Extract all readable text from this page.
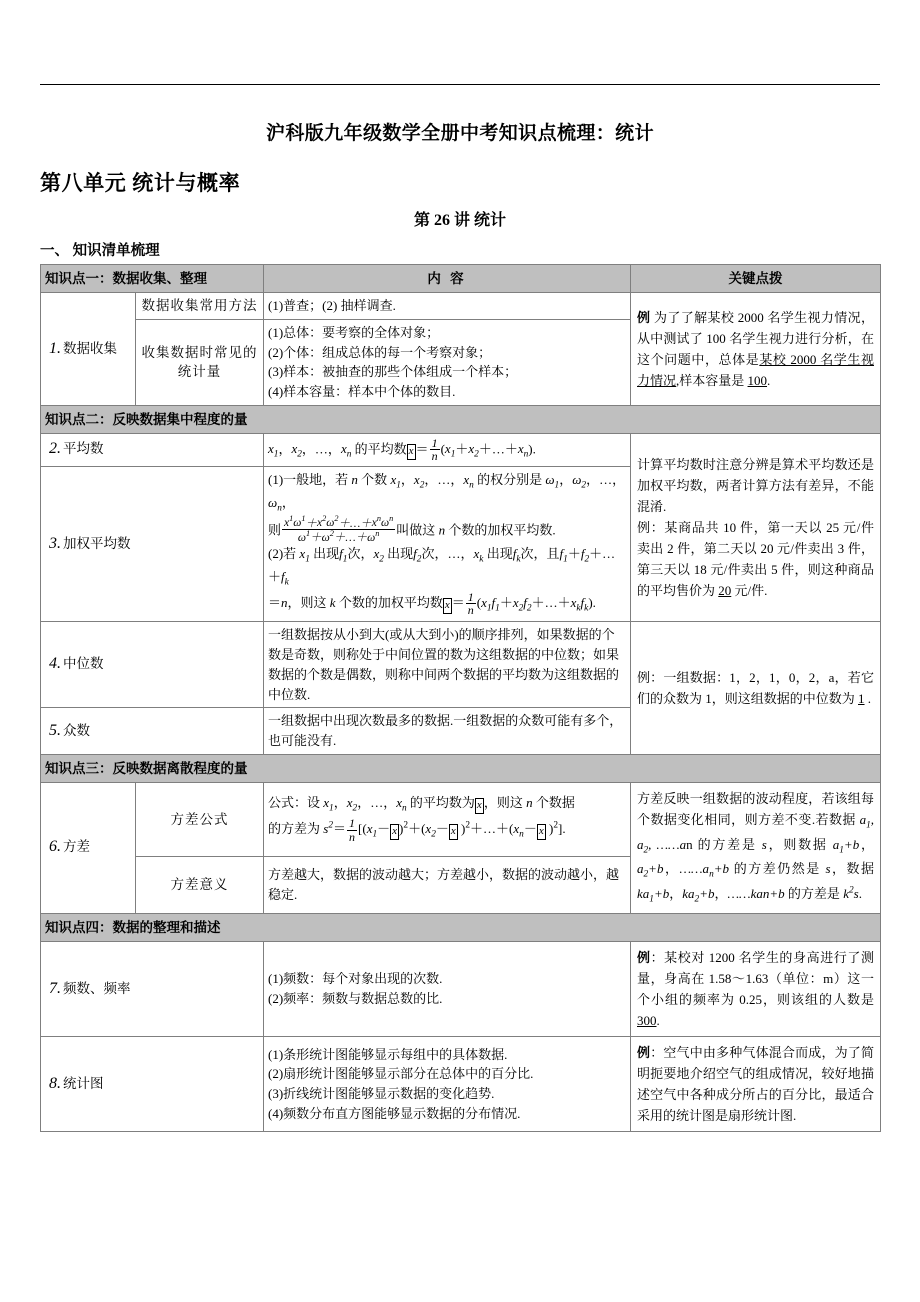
沪科版九年级数学全册中考知识点梳理：统计
第八单元 统计与概率
第 26 讲 统计
一、 知识清单梳理
知识点一：数据收集、整理		内 容	关键点拨
1. 数据收集	数据收集常用方法	(1)普查；(2) 抽样调查.	例 为了了解某校 2000 名学生视力情况，从中测试了 100 名学生视力进行分析，在这个问题中，总体是某校 2000 名学生视力情况,样本容量是 100.
	收集数据时常见的统计量	(1)总体：要考察的全体对象；
(2)个体：组成总体的每一个考察对象；
(3)样本：被抽查的那些个体组成一个样本；
(4)样本容量：样本中个体的数目.	

知识点二：反映数据集中程度的量			
2. 平均数		$x_1$，$x_2$，…，$x_n$ 的平均数 $x = \frac{1}{n}$ $(x_1+x_2+\dots+x_n)$.	计算平均数时注意分辨是算术平均数还是加权平均数，两者计算方法有差异，不能混淆.
例：某商品共 10 件，第一天以 25 元/件卖出 2 件，第二天以 20 元/件卖出 3 件，第三天以 18 元/件卖出 5 件，则这种商品的平均售价为 20 元/件.

3. 加权平均数	
(1)一般地，若 n 个数 $x_1$，$x_2$，…，$x_n$ 的权分别是 $\omega_1$，$\omega_2$，…，$\omega_n$，
则 $\frac{x^1\omega^1+x^2\omega^2+\dots+x^n\omega^n}{\omega^1+\omega^2+\dots+\omega^n}$ 叫做这 n 个数的加权平均数.
(2)若 $x_1$ 出现$f_1$次，$x_2$ 出现$f_2$次，…，$x_k$ 出现$f_k$次，且$f_1+f_2+\dots+f_k$
＝n，则这 k 个数的加权平均数 $x = \frac{1}{n}$ $(x_1f_1+x_2f_2+\dots+x_kf_k)$.

4. 中位数		一组数据按从小到大(或从大到小)的顺序排列，如果数据的个数是奇数，则称处于中间位置的数为这组数据的中位数；如果数据的个数是偶数，则称中间两个数据的平均数为这组数据的中位数.	例：一组数据：1，2，1，0，2，a，若它们的众数为 1，则这组数据的中位数为 1 .
5. 众数		一组数据中出现次数最多的数据.一组数据的众数可能有多个，也可能没有.	
知识点三：反映数据离散程度的量			
6. 方差	方差公式	公式：设 $x_1$，$x_2$，…，$x_n$ 的平均数为 x ，则这 n 个数据
的方差为 $s^2= \frac{1}{n} [(x_1- x$ )$^2+(x_2- x$ )$^2+\dots+(x_n- x$ )$^2$].	方差反映一组数据的波动程度，若该组每个数据变化相同，则方差不变.若数据 $a_1$, $a_2$, ……an 的方差是 s，则数据 $a_1+b$，$a_2+b$，$\dots\dots a_n+b$ 的方差仍然是 s，数据 $ka_1+b$，$ka_2+b$，……kan+b 的方差是 $k^2s$.
	方差意义	方差越大，数据的波动越大；方差越小，数据的波动越小，越稳定.	
知识点四：数据的整理和描述			
7. 频数、频率		(1)频数：每个对象出现的次数.
(2)频率：频数与数据总数的比.	例：某校对 1200 名学生的身高进行了测量，身高在 1.58～1.63（单位：m）这一个小组的频率为 0.25，则该组的人数是 300.
8. 统计图		(1)条形统计图能够显示每组中的具体数据.
(2)扇形统计图能够显示部分在总体中的百分比.
(3)折线统计图能够显示数据的变化趋势.
(4)频数分布直方图能够显示数据的分布情况.	例：空气中由多种气体混合而成，为了简明扼要地介绍空气的组成情况，较好地描述空气中各种成分所占的百分比，最适合采用的统计图是扇形统计图.
